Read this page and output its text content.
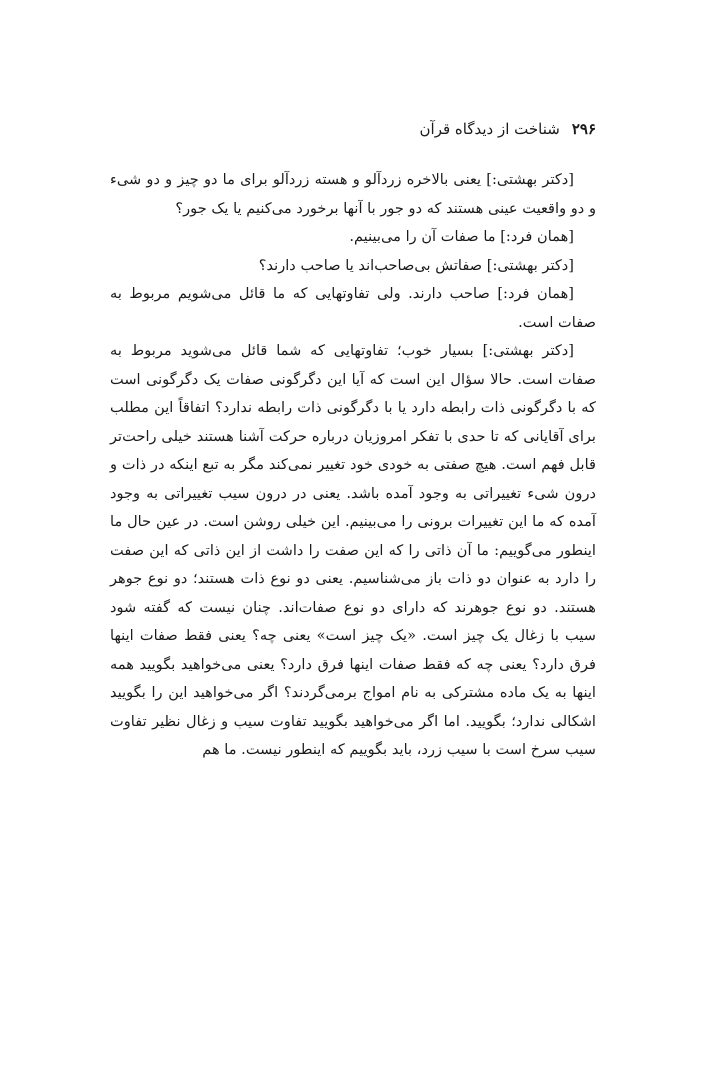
۲۹۶شناخت از دیدگاه قرآن

[دکتر بهشتی:] یعنی بالاخره زردآلو و هسته زردآلو برای ما دو چیز و دو شیء و دو واقعیت عینی هستند که دو جور با آنها برخورد می‌کنیم یا یک جور؟

[همان فرد:] ما صفات آن را می‌بینیم.

[دکتر بهشتی:] صفاتش بی‌صاحب‌اند یا صاحب دارند؟

[همان فرد:] صاحب دارند. ولی تفاوتهایی که ما قائل می‌شویم مربوط به صفات است.

[دکتر بهشتی:] بسیار خوب؛ تفاوتهایی که شما قائل می‌شوید مربوط به صفات است. حالا سؤال این است که آیا این دگرگونی صفات یک دگرگونی است که با دگرگونی ذات رابطه دارد یا با دگرگونی ذات رابطه ندارد؟ اتفاقاً این مطلب برای آقایانی که تا حدی با تفکر امروزیان درباره حرکت آشنا هستند خیلی راحت‌تر قابل فهم است. هیچ صفتی به خودی خود تغییر نمی‌کند مگر به تبع اینکه در ذات و درون شیء تغییراتی به وجود آمده باشد. یعنی در درون سیب تغییراتی به وجود آمده که ما این تغییرات برونی را می‌بینیم. این خیلی روشن است. در عین حال ما اینطور می‌گوییم: ما آن ذاتی را که این صفت را داشت از این ذاتی که این صفت را دارد به عنوان دو ذات باز می‌شناسیم. یعنی دو نوع ذات هستند؛ دو نوع جوهر هستند. دو نوع جوهرند که دارای دو نوع صفات‌اند. چنان نیست که گفته شود سیب با زغال یک چیز است. «یک چیز است» یعنی چه؟ یعنی فقط صفات اینها فرق دارد؟ یعنی چه که فقط صفات اینها فرق دارد؟ یعنی می‌خواهید بگویید همه اینها به یک ماده مشترکی به نام امواج برمی‌گردند؟ اگر می‌خواهید این را بگویید اشکالی ندارد؛ بگویید. اما اگر می‌خواهید بگویید تفاوت سیب و زغال نظیر تفاوت سیب سرخ است با سیب زرد، باید بگوییم که اینطور نیست. ما هم
